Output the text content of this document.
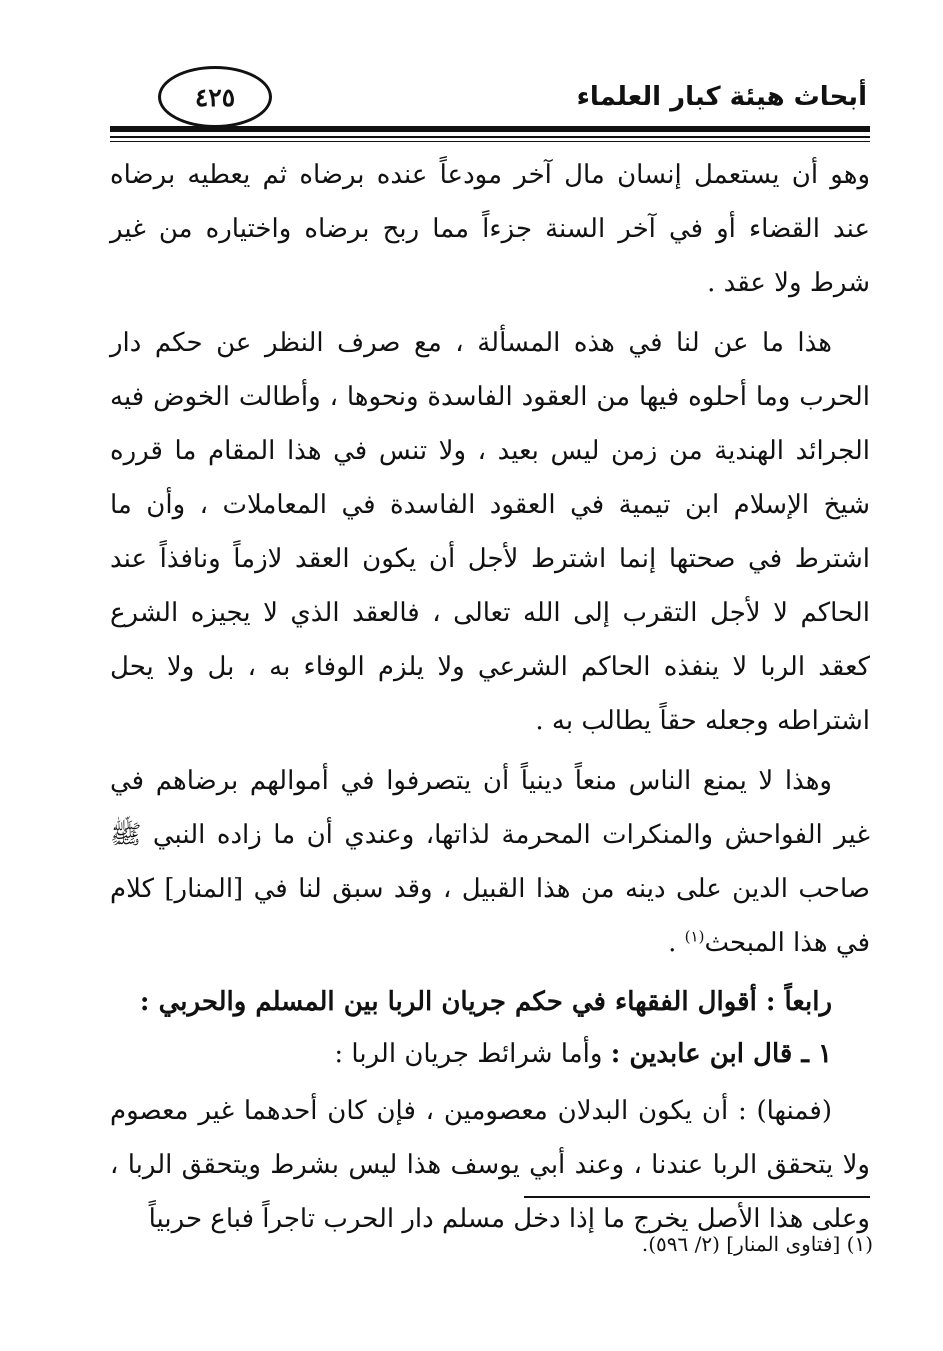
أبحاث هيئة كبار العلماء
٤٢٥

وهو أن يستعمل إنسان مال آخر مودعاً عنده برضاه ثم يعطيه برضاه عند القضاء أو في آخر السنة جزءاً مما ربح برضاه واختياره من غير شرط ولا عقد .

هذا ما عن لنا في هذه المسألة ، مع صرف النظر عن حكم دار الحرب وما أحلوه فيها من العقود الفاسدة ونحوها ، وأطالت الخوض فيه الجرائد الهندية من زمن ليس بعيد ، ولا تنس في هذا المقام ما قرره شيخ الإسلام ابن تيمية في العقود الفاسدة في المعاملات ، وأن ما اشترط في صحتها إنما اشترط لأجل أن يكون العقد لازماً ونافذاً عند الحاكم لا لأجل التقرب إلى الله تعالى ، فالعقد الذي لا يجيزه الشرع كعقد الربا لا ينفذه الحاكم الشرعي ولا يلزم الوفاء به ، بل ولا يحل اشتراطه وجعله حقاً يطالب به .

وهذا لا يمنع الناس منعاً دينياً أن يتصرفوا في أموالهم برضاهم في غير الفواحش والمنكرات المحرمة لذاتها، وعندي أن ما زاده النبي ﷺ صاحب الدين على دينه من هذا القبيل ، وقد سبق لنا في [المنار] كلام في هذا المبحث$^{(١)}$ .

رابعاً : أقوال الفقهاء في حكم جريان الربا بين المسلم والحربي :

١ ـ قال ابن عابدين : وأما شرائط جريان الربا :

(فمنها) : أن يكون البدلان معصومين ، فإن كان أحدهما غير معصوم ولا يتحقق الربا عندنا ، وعند أبي يوسف هذا ليس بشرط ويتحقق الربا ، وعلى هذا الأصل يخرج ما إذا دخل مسلم دار الحرب تاجراً فباع حربياً

(١) [فتاوى المنار] (٢/ ٥٩٦).
